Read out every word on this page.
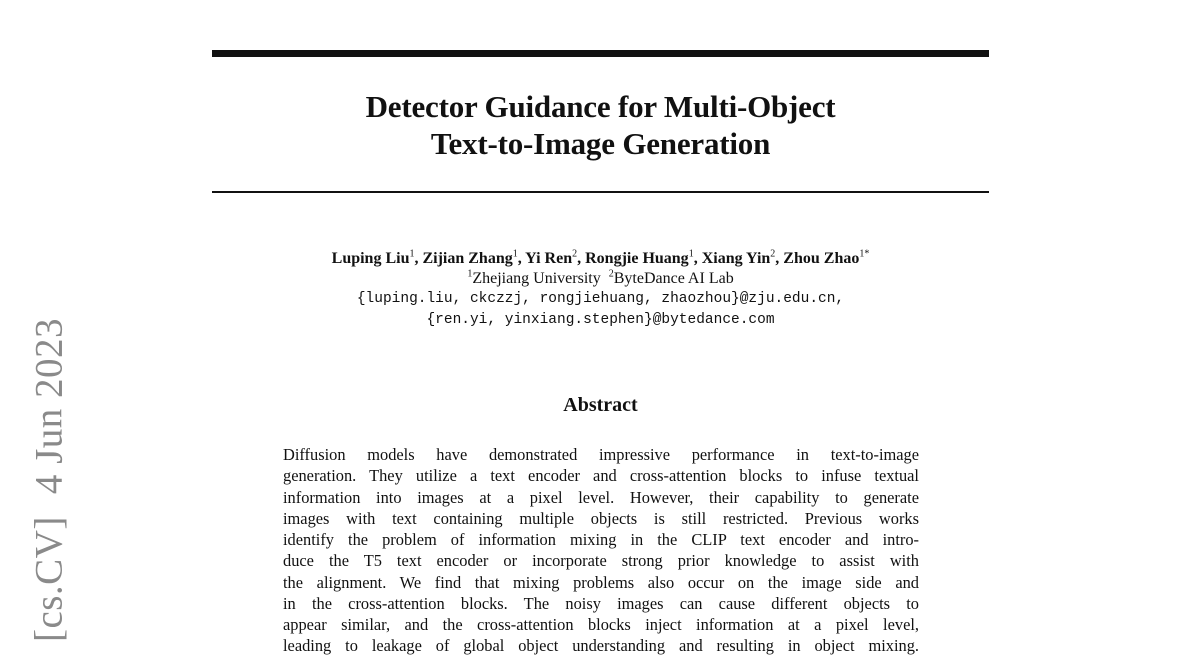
Detector Guidance for Multi-Object
Text-to-Image Generation
Luping Liu$^1$, Zijian Zhang$^1$, Yi Ren$^2$, Rongjie Huang$^1$, Xiang Yin$^2$, Zhou Zhao$^{1*}$
$^1$Zhejiang University $^2$ByteDance AI Lab
{luping.liu, ckczzj, rongjiehuang, zhaozhou}@zju.edu.cn,
{ren.yi, yinxiang.stephen}@bytedance.com
Abstract
Diffusion models have demonstrated impressive performance in text-to-image
generation. They utilize a text encoder and cross-attention blocks to infuse textual
information into images at a pixel level. However, their capability to generate
images with text containing multiple objects is still restricted. Previous works
identify the problem of information mixing in the CLIP text encoder and intro-
duce the T5 text encoder or incorporate strong prior knowledge to assist with
the alignment. We find that mixing problems also occur on the image side and
in the cross-attention blocks. The noisy images can cause different objects to
appear similar, and the cross-attention blocks inject information at a pixel level,
leading to leakage of global object understanding and resulting in object mixing.
[cs.CV]4 Jun 2023
